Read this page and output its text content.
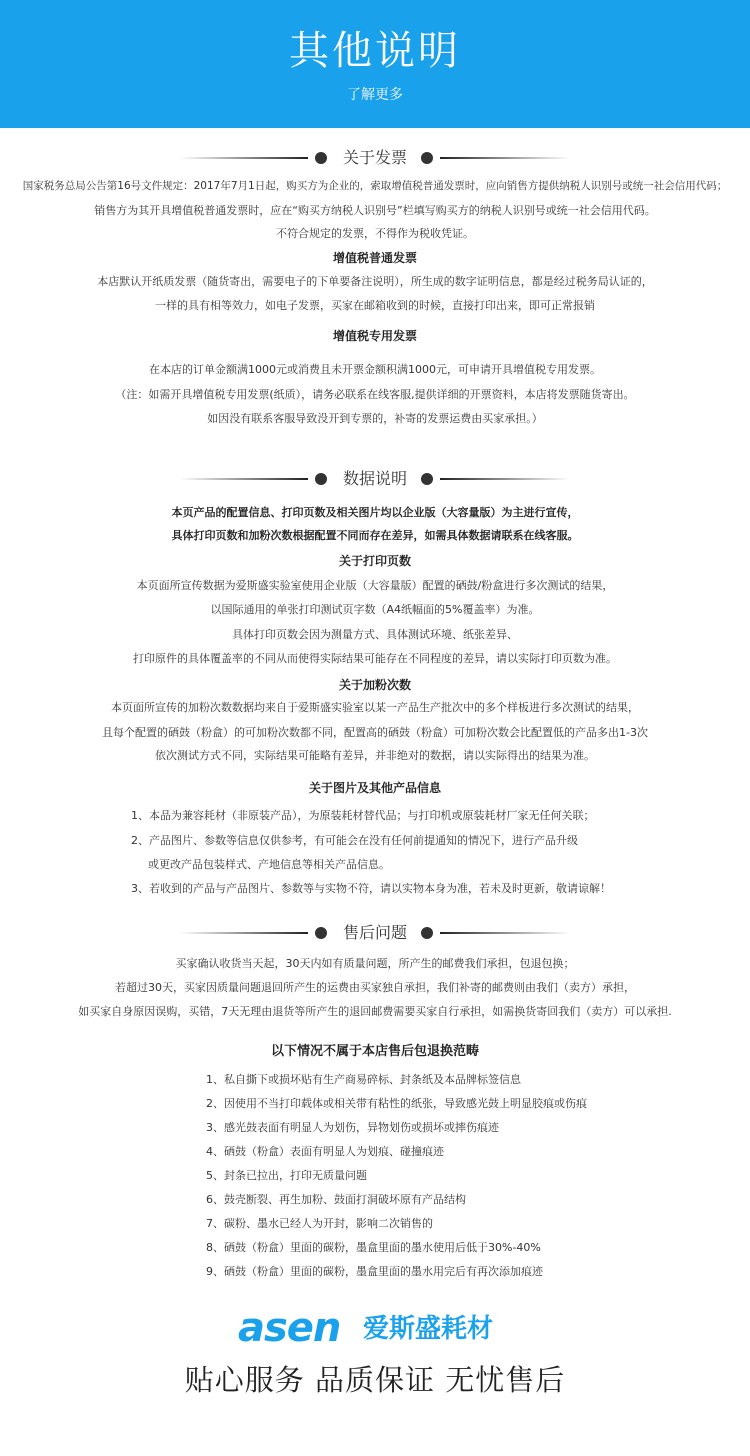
其他说明
了解更多
关于发票
国家税务总局公告第16号文件规定：2017年7月1日起，购买方为企业的，索取增值税普通发票时，应向销售方提供纳税人识别号或统一社会信用代码；
销售方为其开具增值税普通发票时，应在“购买方纳税人识别号”栏填写购买方的纳税人识别号或统一社会信用代码。
不符合规定的发票，不得作为税收凭证。
增值税普通发票
本店默认开纸质发票（随货寄出，需要电子的下单要备注说明），所生成的数字证明信息，都是经过税务局认证的，
一样的具有相等效力，如电子发票，买家在邮箱收到的时候，直接打印出来，即可正常报销
增值税专用发票
在本店的订单金额满1000元或消费且未开票金额积满1000元，可申请开具增值税专用发票。
（注：如需开具增值税专用发票(纸质），请务必联系在线客服,提供详细的开票资料，本店将发票随货寄出。
如因没有联系客服导致没开到专票的，补寄的发票运费由买家承担。）
数据说明
本页产品的配置信息、打印页数及相关图片均以企业版（大容量版）为主进行宣传，
具体打印页数和加粉次数根据配置不同而存在差异，如需具体数据请联系在线客服。
关于打印页数
本页面所宣传数据为爱斯盛实验室使用企业版（大容量版）配置的硒鼓/粉盒进行多次测试的结果，
以国际通用的单张打印测试页字数（A4纸幅面的5%覆盖率）为准。
具体打印页数会因为测量方式、具体测试环境、纸张差异、
打印原件的具体覆盖率的不同从而使得实际结果可能存在不同程度的差异，请以实际打印页数为准。
关于加粉次数
本页面所宣传的加粉次数数据均来自于爱斯盛实验室以某一产品生产批次中的多个样板进行多次测试的结果，
且每个配置的硒鼓（粉盒）的可加粉次数都不同，配置高的硒鼓（粉盒）可加粉次数会比配置低的产品多出1-3次
依次测试方式不同，实际结果可能略有差异，并非绝对的数据，请以实际得出的结果为准。
关于图片及其他产品信息
1、本品为兼容耗材（非原装产品），为原装耗材替代品；与打印机或原装耗材厂家无任何关联；
2、产品图片、参数等信息仅供参考，有可能会在没有任何前提通知的情况下，进行产品升级
或更改产品包装样式、产地信息等相关产品信息。
3、若收到的产品与产品图片、参数等与实物不符，请以实物本身为准，若未及时更新，敬请谅解！
售后问题
买家确认收货当天起，30天内如有质量问题，所产生的邮费我们承担，包退包换；
若超过30天，买家因质量问题退回所产生的运费由买家独自承担，我们补寄的邮费则由我们（卖方）承担，
如买家自身原因误购，买错，7天无理由退货等所产生的退回邮费需要买家自行承担，如需换货寄回我们（卖方）可以承担.
以下情况不属于本店售后包退换范畴
1、私自撕下或损坏贴有生产商易碎标、封条纸及本品牌标签信息
2、因使用不当打印载体或相关带有粘性的纸张，导致感光鼓上明显胶痕或伤痕
3、感光鼓表面有明显人为划伤，异物划伤或损坏或摔伤痕迹
4、硒鼓（粉盒）表面有明显人为划痕、碰撞痕迹
5、封条已拉出，打印无质量问题
6、鼓壳断裂、再生加粉、鼓面打洞破坏原有产品结构
7、碳粉、墨水已经人为开封，影响二次销售的
8、硒鼓（粉盒）里面的碳粉，墨盒里面的墨水使用后低于30%-40%
9、硒鼓（粉盒）里面的碳粉，墨盒里面的墨水用完后有再次添加痕迹
asen 爱斯盛耗材
贴心服务 品质保证 无忧售后
